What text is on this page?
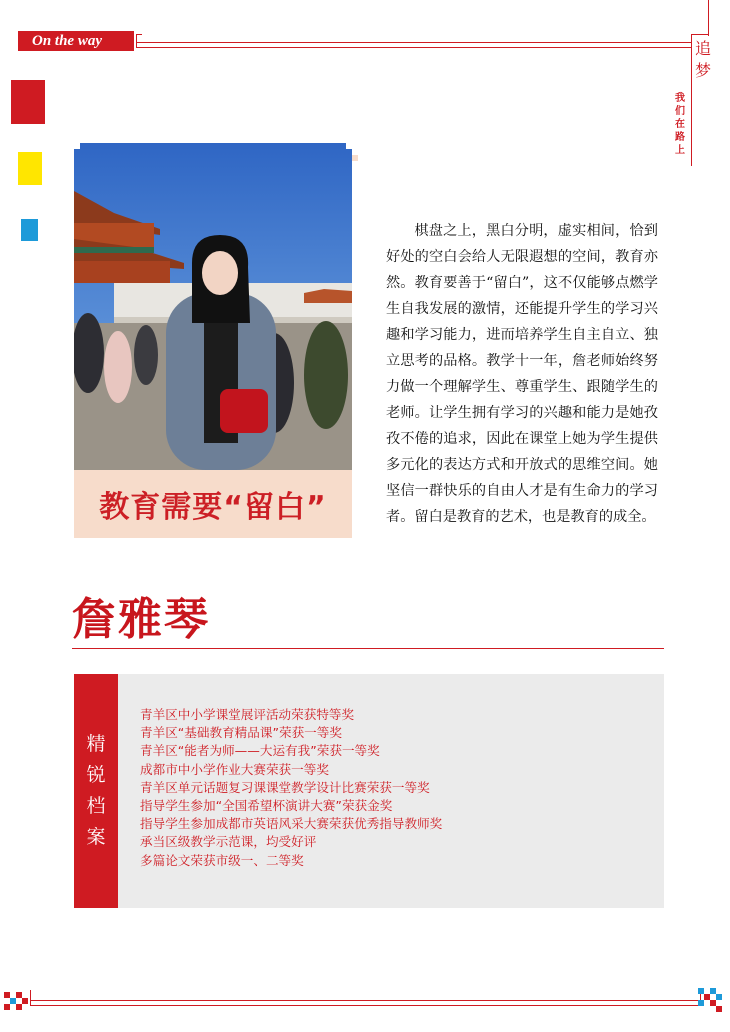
On the way	追梦
我们在路上
教育需要“留白”
棋盘之上，黑白分明，虚实相间，恰到好处的空白会给人无限遐想的空间，教育亦然。教育要善于“留白”，这不仅能够点燃学生自我发展的激情，还能提升学生的学习兴趣和学习能力，进而培养学生自主自立、独立思考的品格。教学十一年，詹老师始终努力做一个理解学生、尊重学生、跟随学生的老师。让学生拥有学习的兴趣和能力是她孜孜不倦的追求，因此在课堂上她为学生提供多元化的表达方式和开放式的思维空间。她坚信一群快乐的自由人才是有生命力的学习者。留白是教育的艺术，也是教育的成全。
詹雅琴
精
锐
档
案
青羊区中小学课堂展评活动荣获特等奖
青羊区“基础教育精品课”荣获一等奖
青羊区“能者为师——大运有我”荣获一等奖
成都市中小学作业大赛荣获一等奖
青羊区单元话题复习课课堂教学设计比赛荣获一等奖
指导学生参加“全国希望杯演讲大赛”荣获金奖
指导学生参加成都市英语风采大赛荣获优秀指导教师奖
承当区级教学示范课，均受好评
多篇论文荣获市级一、二等奖
